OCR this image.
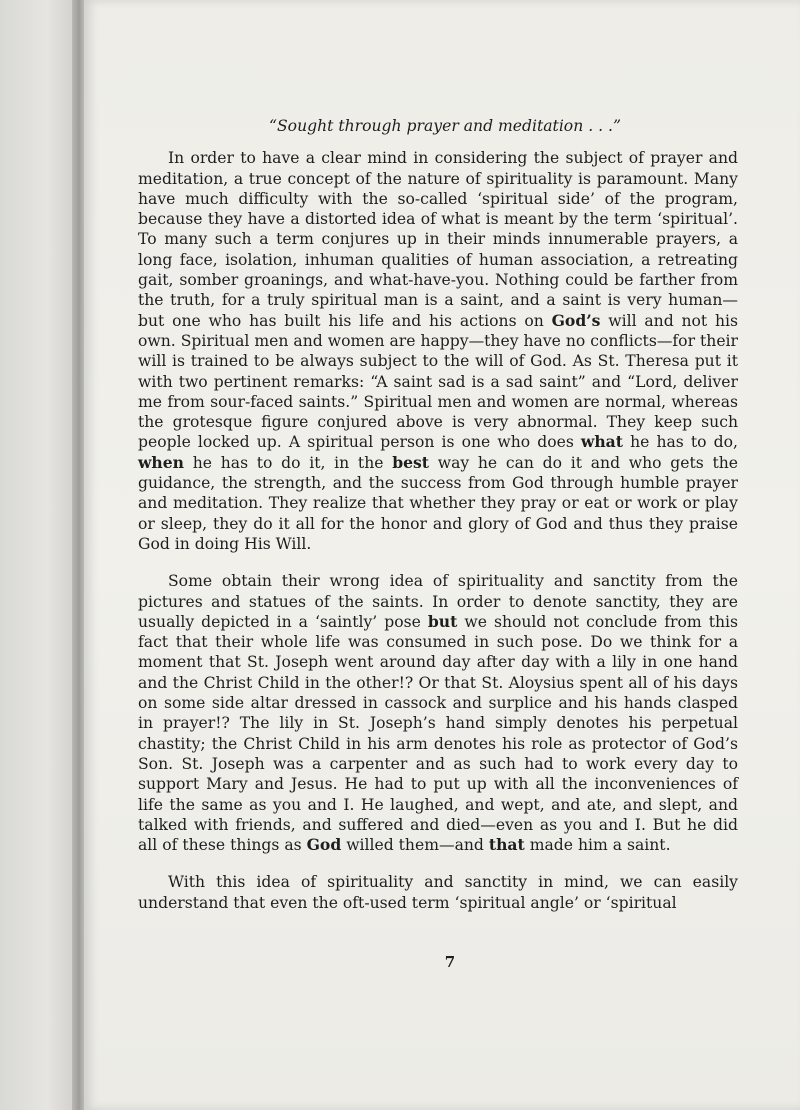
“Sought through prayer and meditation . . .”

In order to have a clear mind in considering the subject of prayer and meditation, a true concept of the nature of spirituality is paramount. Many have much difficulty with the so-called ‘spiritual side’ of the program, because they have a distorted idea of what is meant by the term ‘spiritual’. To many such a term conjures up in their minds innumerable prayers, a long face, isolation, inhuman qualities of human association, a retreating gait, somber groanings, and what-have-you. Nothing could be farther from the truth, for a truly spiritual man is a saint, and a saint is very human—but one who has built his life and his actions on God’s will and not his own. Spiritual men and women are happy—they have no conflicts—for their will is trained to be always subject to the will of God. As St. Theresa put it with two pertinent remarks: “A saint sad is a sad saint” and “Lord, deliver me from sour-faced saints.” Spiritual men and women are normal, whereas the grotesque figure conjured above is very abnormal. They keep such people locked up. A spiritual person is one who does what he has to do, when he has to do it, in the best way he can do it and who gets the guidance, the strength, and the success from God through humble prayer and meditation. They realize that whether they pray or eat or work or play or sleep, they do it all for the honor and glory of God and thus they praise God in doing His Will.

Some obtain their wrong idea of spirituality and sanctity from the pictures and statues of the saints. In order to denote sanctity, they are usually depicted in a ‘saintly’ pose but we should not conclude from this fact that their whole life was consumed in such pose. Do we think for a moment that St. Joseph went around day after day with a lily in one hand and the Christ Child in the other!? Or that St. Aloysius spent all of his days on some side altar dressed in cassock and surplice and his hands clasped in prayer!? The lily in St. Joseph’s hand simply denotes his perpetual chastity; the Christ Child in his arm denotes his role as protector of God’s Son. St. Joseph was a carpenter and as such had to work every day to support Mary and Jesus. He had to put up with all the inconveniences of life the same as you and I. He laughed, and wept, and ate, and slept, and talked with friends, and suffered and died—even as you and I. But he did all of these things as God willed them—and that made him a saint.

With this idea of spirituality and sanctity in mind, we can easily understand that even the oft-used term ‘spiritual angle’ or ‘spiritual

7
